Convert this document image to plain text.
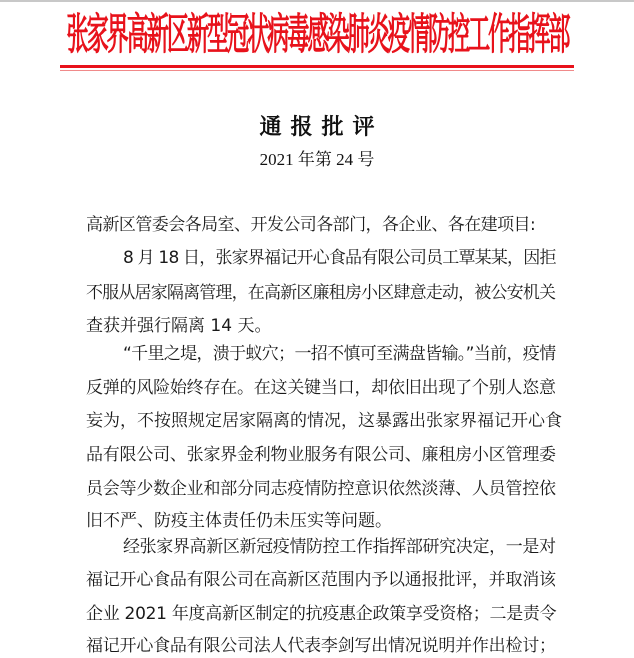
张家界高新区新型冠状病毒感染肺炎疫情防控工作指挥部
通报批评
2021 年第 24 号
高新区管委会各局室、开发公司各部门，各企业、各在建项目:
8 月 18 日，张家界福记开心食品有限公司员工覃某某，因拒
不服从居家隔离管理，在高新区廉租房小区肆意走动，被公安机关
查获并强行隔离 14 天。
“千里之堤，溃于蚁穴；一招不慎可至满盘皆输。”当前，疫情
反弹的风险始终存在。在这关键当口，却依旧出现了个别人恣意
妄为，不按照规定居家隔离的情况，这暴露出张家界福记开心食
品有限公司、张家界金利物业服务有限公司、廉租房小区管理委
员会等少数企业和部分同志疫情防控意识依然淡薄、人员管控依
旧不严、防疫主体责任仍未压实等问题。
经张家界高新区新冠疫情防控工作指挥部研究决定，一是对
福记开心食品有限公司在高新区范围内予以通报批评，并取消该
企业 2021 年度高新区制定的抗疫惠企政策享受资格；二是责令
福记开心食品有限公司法人代表李剑写出情况说明并作出检讨；
